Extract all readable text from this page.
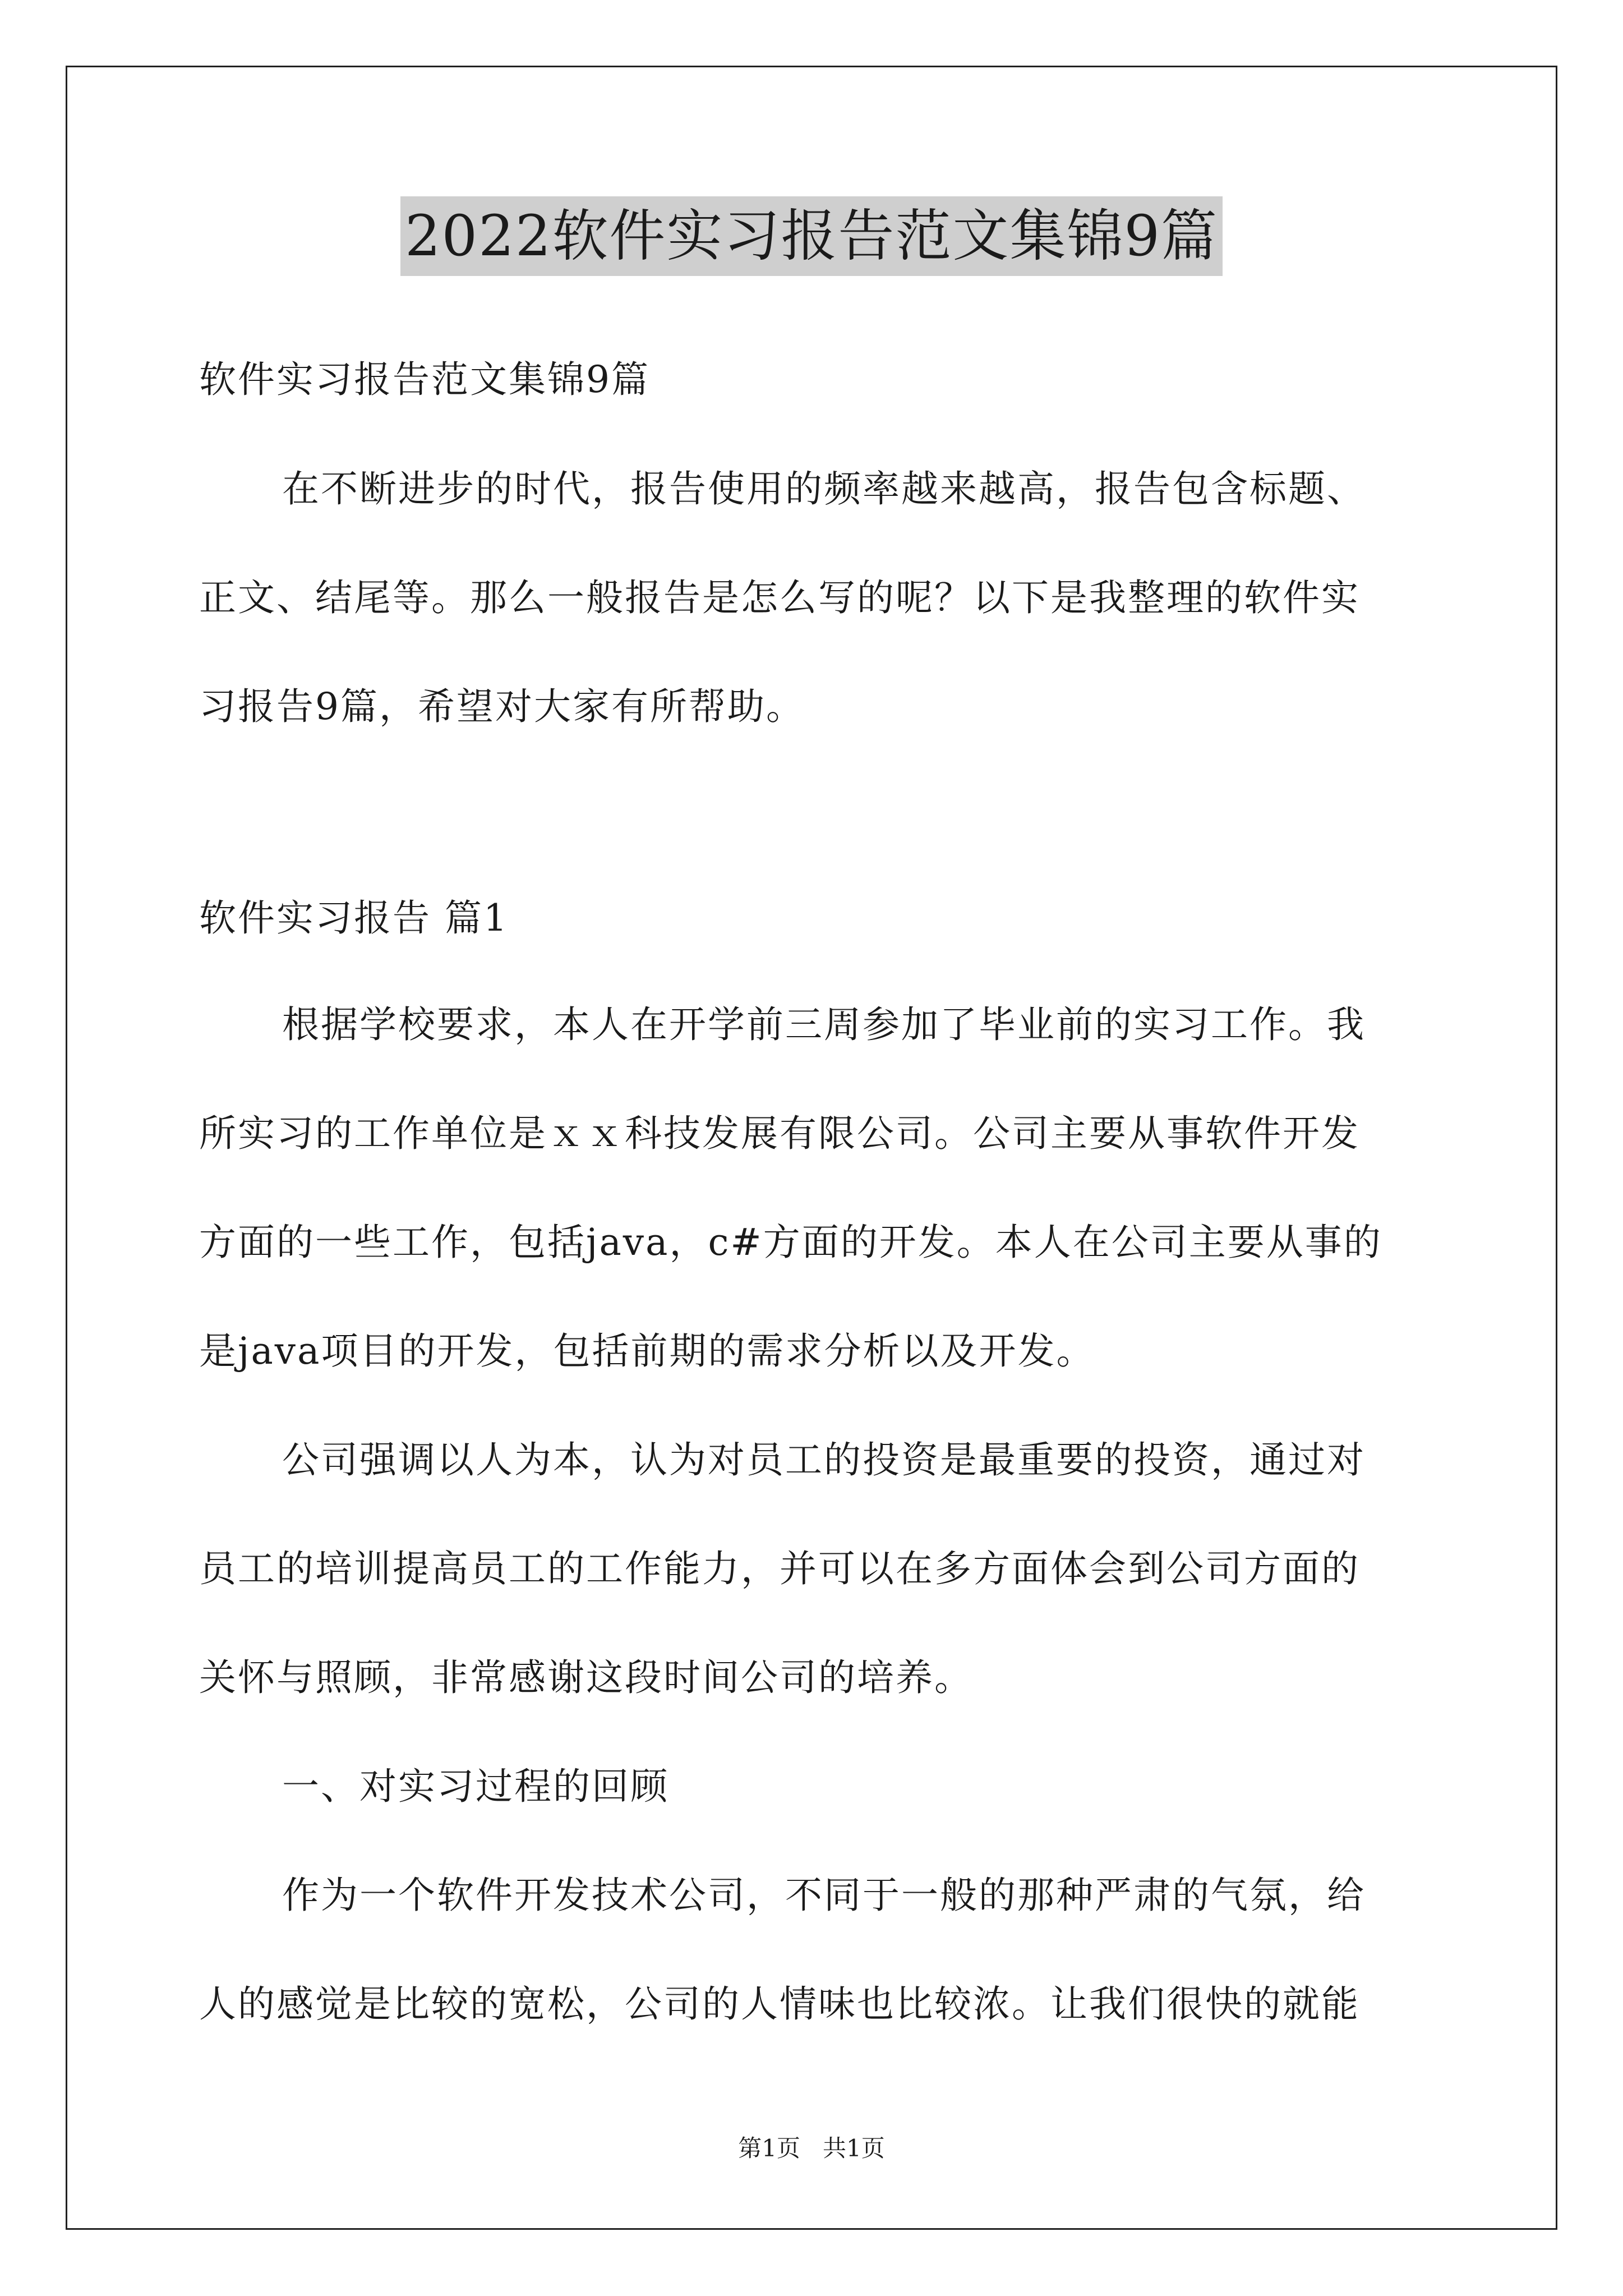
2022软件实习报告范文集锦9篇

软件实习报告范文集锦9篇

在不断进步的时代，报告使用的频率越来越高，报告包含标题、

正文、结尾等。那么一般报告是怎么写的呢？以下是我整理的软件实

习报告9篇，希望对大家有所帮助。

软件实习报告 篇1

根据学校要求，本人在开学前三周参加了毕业前的实习工作。我

所实习的工作单位是ｘｘ科技发展有限公司。公司主要从事软件开发

方面的一些工作，包括java，c#方面的开发。本人在公司主要从事的

是java项目的开发，包括前期的需求分析以及开发。

公司强调以人为本，认为对员工的投资是最重要的投资，通过对

员工的培训提高员工的工作能力，并可以在多方面体会到公司方面的

关怀与照顾，非常感谢这段时间公司的培养。

一、对实习过程的回顾

作为一个软件开发技术公司，不同于一般的那种严肃的气氛，给

人的感觉是比较的宽松，公司的人情味也比较浓。让我们很快的就能

第1页   共1页
